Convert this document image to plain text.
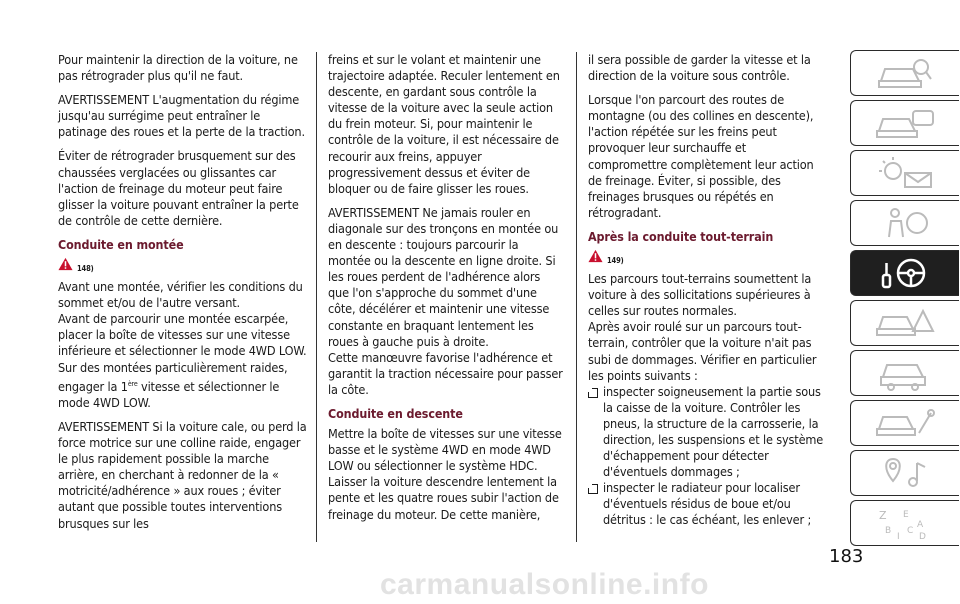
Pour maintenir la direction de la voiture, ne pas rétrograder plus qu'il ne faut.

AVERTISSEMENT L'augmentation du régime jusqu'au surrégime peut entraîner le patinage des roues et la perte de la traction.

Éviter de rétrograder brusquement sur des chaussées verglacées ou glissantes car l'action de freinage du moteur peut faire glisser la voiture pouvant entraîner la perte de contrôle de cette dernière.

Conduite en montée
148)

Avant une montée, vérifier les conditions du sommet et/ou de l'autre versant.

Avant de parcourir une montée escarpée, placer la boîte de vitesses sur une vitesse inférieure et sélectionner le mode 4WD LOW.

Sur des montées particulièrement raides, engager la 1ère vitesse et sélectionner le mode 4WD LOW.

AVERTISSEMENT Si la voiture cale, ou perd la force motrice sur une colline raide, engager le plus rapidement possible la marche arrière, en cherchant à redonner de la « motricité/adhérence » aux roues ; éviter autant que possible toutes interventions brusques sur les

freins et sur le volant et maintenir une trajectoire adaptée. Reculer lentement en descente, en gardant sous contrôle la vitesse de la voiture avec la seule action du frein moteur. Si, pour maintenir le contrôle de la voiture, il est nécessaire de recourir aux freins, appuyer progressivement dessus et éviter de bloquer ou de faire glisser les roues.

AVERTISSEMENT Ne jamais rouler en diagonale sur des tronçons en montée ou en descente : toujours parcourir la montée ou la descente en ligne droite. Si les roues perdent de l'adhérence alors que l'on s'approche du sommet d'une côte, décélérer et maintenir une vitesse constante en braquant lentement les roues à gauche puis à droite.

Cette manœuvre favorise l'adhérence et garantit la traction nécessaire pour passer la côte.

Conduite en descente

Mettre la boîte de vitesses sur une vitesse basse et le système 4WD en mode 4WD LOW ou sélectionner le système HDC.

Laisser la voiture descendre lentement la pente et les quatre roues subir l'action de freinage du moteur. De cette manière,

il sera possible de garder la vitesse et la direction de la voiture sous contrôle.

Lorsque l'on parcourt des routes de montagne (ou des collines en descente), l'action répétée sur les freins peut provoquer leur surchauffe et compromettre complètement leur action de freinage. Éviter, si possible, des freinages brusques ou répétés en rétrogradant.

Après la conduite tout-terrain
149)

Les parcours tout-terrains soumettent la voiture à des sollicitations supérieures à celles sur routes normales.

Après avoir roulé sur un parcours tout-terrain, contrôler que la voiture n'ait pas subi de dommages. Vérifier en particulier les points suivants :

inspecter soigneusement la partie sous la caisse de la voiture. Contrôler les pneus, la structure de la carrosserie, la direction, les suspensions et le système d'échappement pour détecter d'éventuels dommages ;
inspecter le radiateur pour localiser d'éventuels résidus de boue et/ou détritus : le cas échéant, les enlever ;	Z E
B
I
C
A
D
183
carmanualsonline.info
